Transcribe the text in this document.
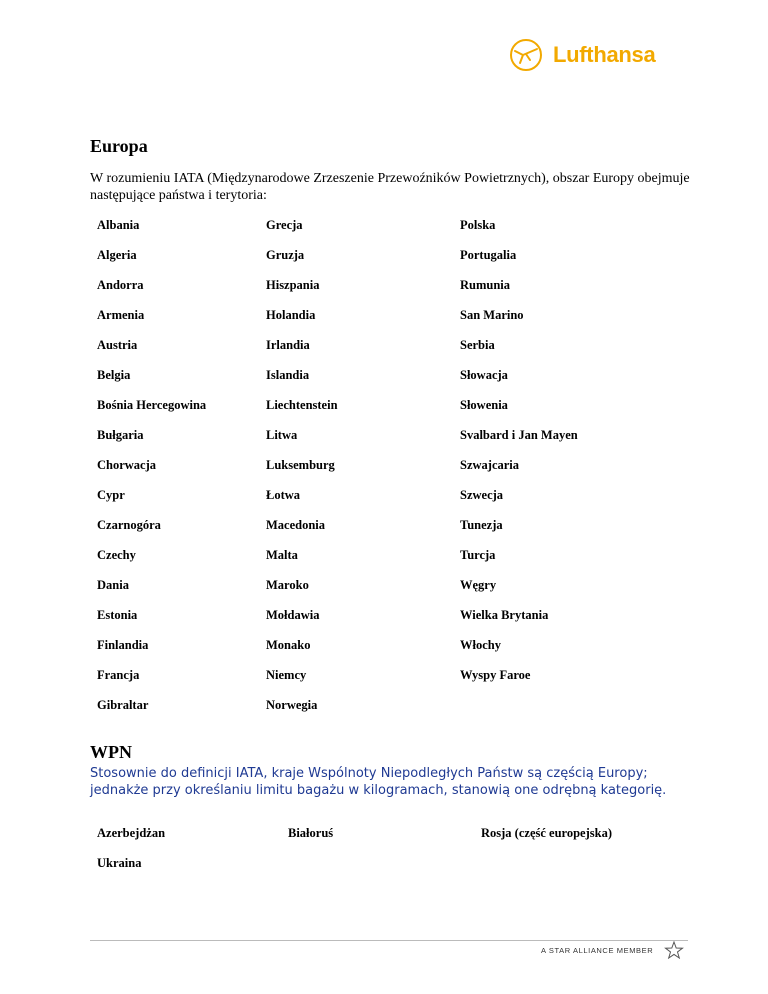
Lufthansa
Europa

W rozumieniu IATA (Międzynarodowe Zrzeszenie Przewoźników Powietrznych), obszar Europy obejmuje następujące państwa i terytoria:

Albania
Algeria
Andorra
Armenia
Austria
Belgia
Bośnia Hercegowina
Bułgaria
Chorwacja
Cypr
Czarnogóra
Czechy
Dania
Estonia
Finlandia
Francja
Gibraltar
Grecja
Gruzja
Hiszpania
Holandia
Irlandia
Islandia
Liechtenstein
Litwa
Luksemburg
Łotwa
Macedonia
Malta
Maroko
Mołdawia
Monako
Niemcy
Norwegia
Polska
Portugalia
Rumunia
San Marino
Serbia
Słowacja
Słowenia
Svalbard i Jan Mayen
Szwajcaria
Szwecja
Tunezja
Turcja
Węgry
Wielka Brytania
Włochy
Wyspy Faroe
WPN

Stosownie do definicji IATA, kraje Wspólnoty Niepodległych Państw są częścią Europy; jednakże przy określaniu limitu bagażu w kilogramach, stanowią one odrębną kategorię.

Azerbejdżan	Białoruś	Rosja (część europejska)
Ukraina
A STAR ALLIANCE MEMBER
